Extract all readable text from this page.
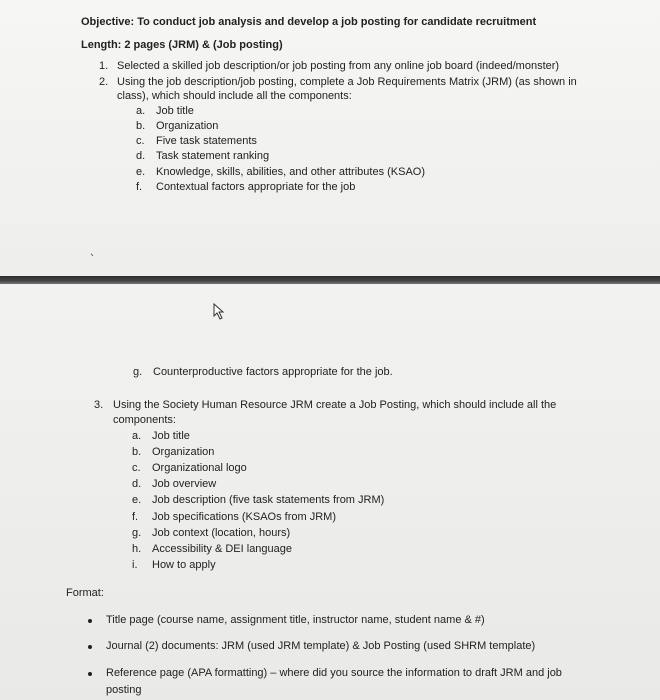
Objective: To conduct job analysis and develop a job posting for candidate recruitment
Length: 2 pages (JRM) & (Job posting)
1. Selected a skilled job description/or job posting from any online job board (indeed/monster)
2. Using the job description/job posting, complete a Job Requirements Matrix (JRM) (as shown in
class), which should include all the components:
a. Job title
b. Organization
c. Five task statements
d. Task statement ranking
e. Knowledge, skills, abilities, and other attributes (KSAO)
f. Contextual factors appropriate for the job
g. Counterproductive factors appropriate for the job.
3. Using the Society Human Resource JRM create a Job Posting, which should include all the
components:
a. Job title
b. Organization
c. Organizational logo
d. Job overview
e. Job description (five task statements from JRM)
f. Job specifications (KSAOs from JRM)
g. Job context (location, hours)
h. Accessibility & DEI language
i. How to apply
Format:
Title page (course name, assignment title, instructor name, student name & #)
Journal (2) documents: JRM (used JRM template) & Job Posting (used SHRM template)
Reference page (APA formatting) – where did you source the information to draft JRM and job
posting
